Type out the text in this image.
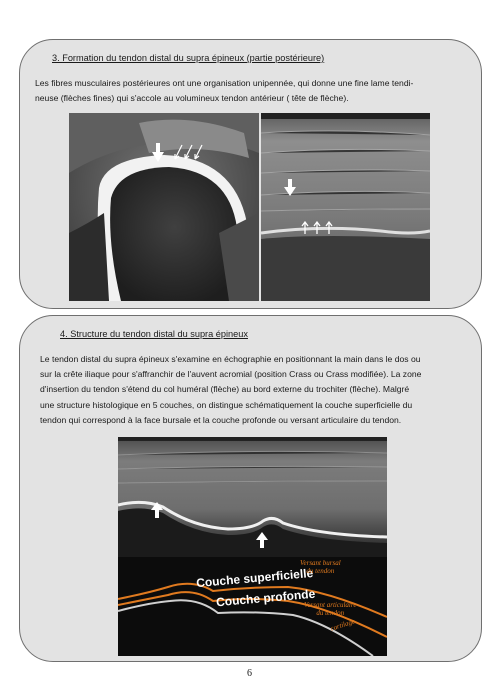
3. Formation du tendon distal du supra épineux (partie postérieure)

Les fibres musculaires postérieures ont une organisation unipennée, qui donne une fine lame tendi-
neuse (flèches fines) qui s'accole au volumineux tendon antérieur ( tête de flèche).

4. Structure du tendon distal du supra épineux

Le tendon distal du supra épineux s'examine en échographie en positionnant la main dans le dos ou
sur la crête iliaque pour s'affranchir de l'auvent acromial (position Crass ou Crass modifiée). La zone
d'insertion du tendon s'étend du col huméral (flèche) au bord externe du trochiter (flèche). Malgré
une structure histologique en 5 couches, on distingue schématiquement la couche superficielle du
tendon qui correspond à la face bursale et la couche profonde ou versant articulaire du tendon.

Couche superficielle
Couche profonde
Versant bursal
du tendon
Versant articulaire
du tendon
cartilage
6
